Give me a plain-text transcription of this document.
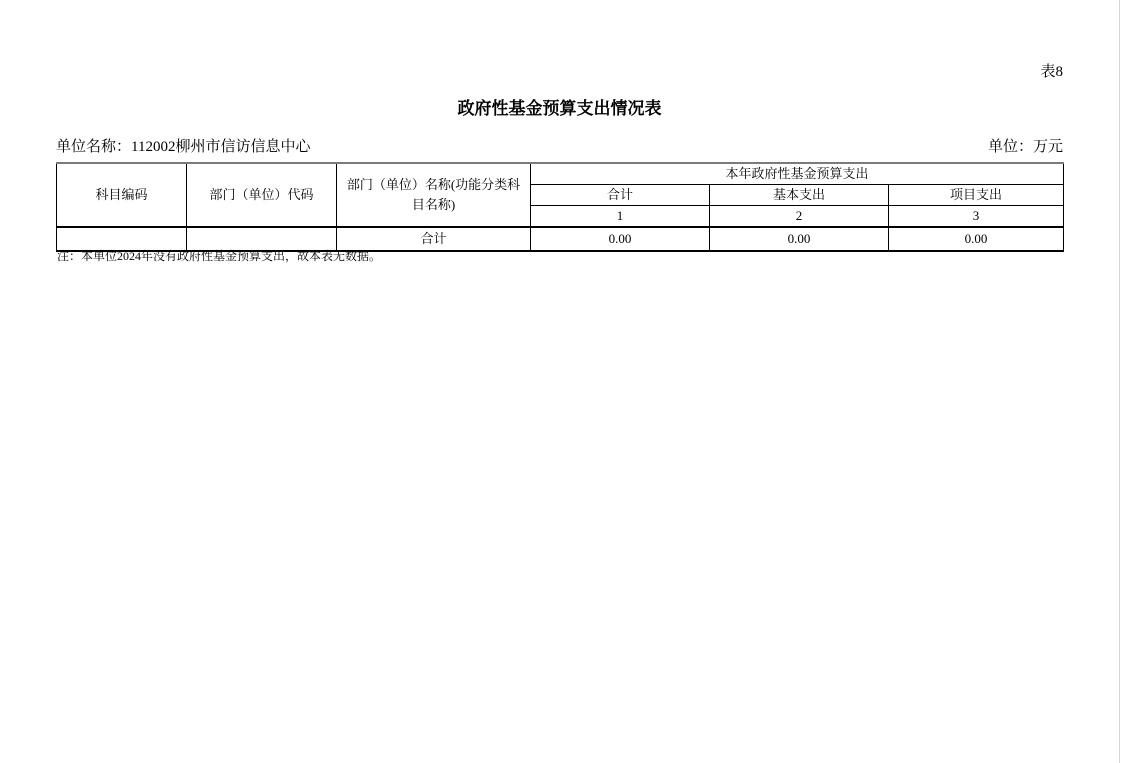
表8
政府性基金预算支出情况表
单位名称：112002柳州市信访信息中心	单位：万元
科目编码	部门（单位）代码	部门（单位）名称(功能分类科目名称)	本年政府性基金预算支出		
			合计	基本支出	项目支出
			1	2	3
		合计	0.00	0.00	0.00
注：本单位2024年没有政府性基金预算支出，故本表无数据。
